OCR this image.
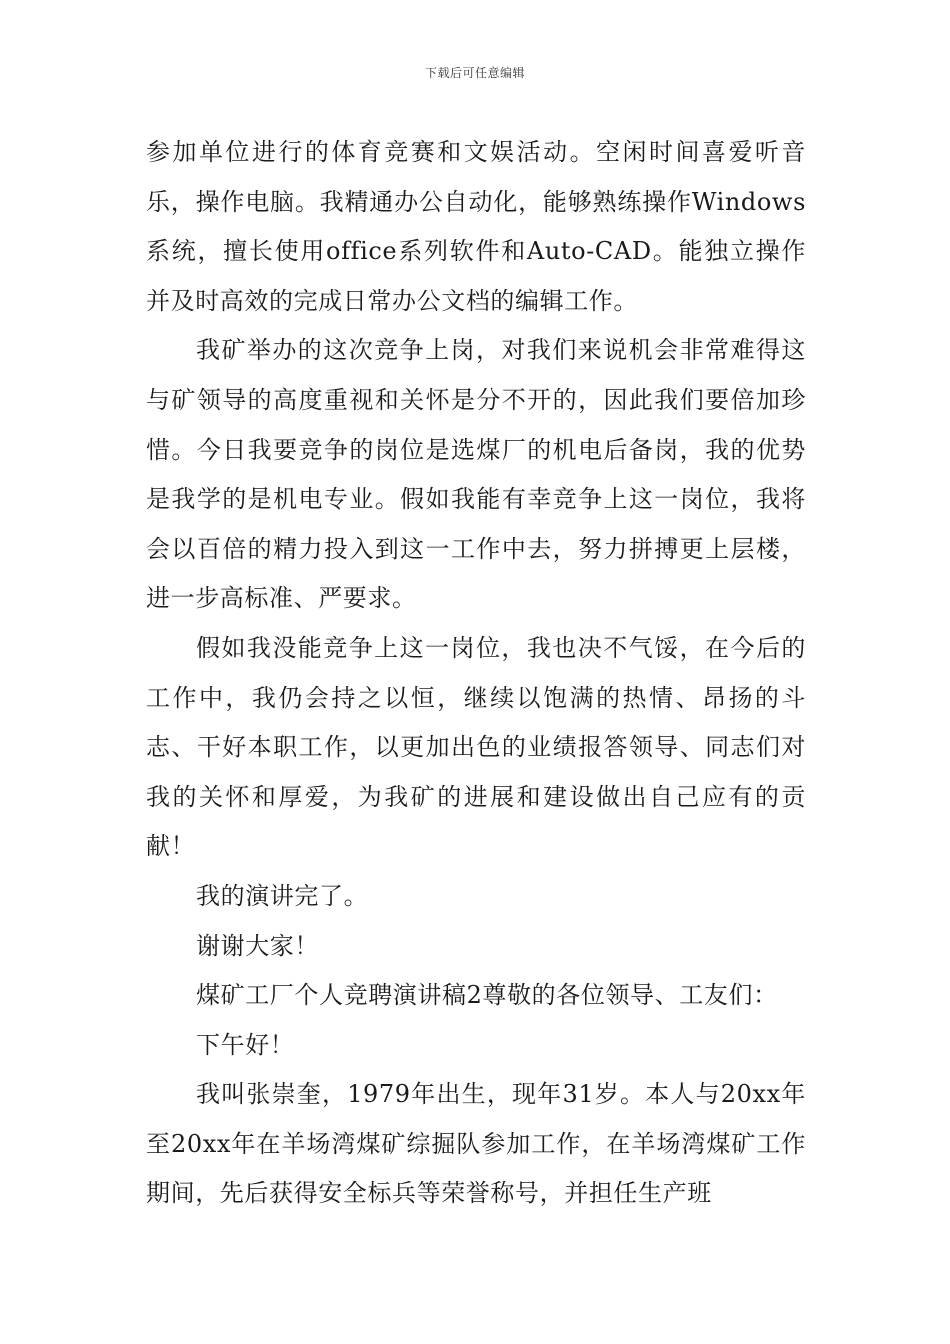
下载后可任意编辑

参加单位进行的体育竞赛和文娱活动。空闲时间喜爱听音乐，操作电脑。我精通办公自动化，能够熟练操作Windows系统，擅长使用office系列软件和Auto-CAD。能独立操作并及时高效的完成日常办公文档的编辑工作。

我矿举办的这次竞争上岗，对我们来说机会非常难得这与矿领导的高度重视和关怀是分不开的，因此我们要倍加珍惜。今日我要竞争的岗位是选煤厂的机电后备岗，我的优势是我学的是机电专业。假如我能有幸竞争上这一岗位，我将会以百倍的精力投入到这一工作中去，努力拼搏更上层楼，进一步高标准、严要求。

假如我没能竞争上这一岗位，我也决不气馁，在今后的工作中，我仍会持之以恒，继续以饱满的热情、昂扬的斗志、干好本职工作，以更加出色的业绩报答领导、同志们对我的关怀和厚爱，为我矿的进展和建设做出自己应有的贡献！

我的演讲完了。

谢谢大家！

煤矿工厂个人竞聘演讲稿2尊敬的各位领导、工友们：

下午好！

我叫张崇奎，1979年出生，现年31岁。本人与20xx年至20xx年在羊场湾煤矿综掘队参加工作，在羊场湾煤矿工作期间，先后获得安全标兵等荣誉称号，并担任生产班
